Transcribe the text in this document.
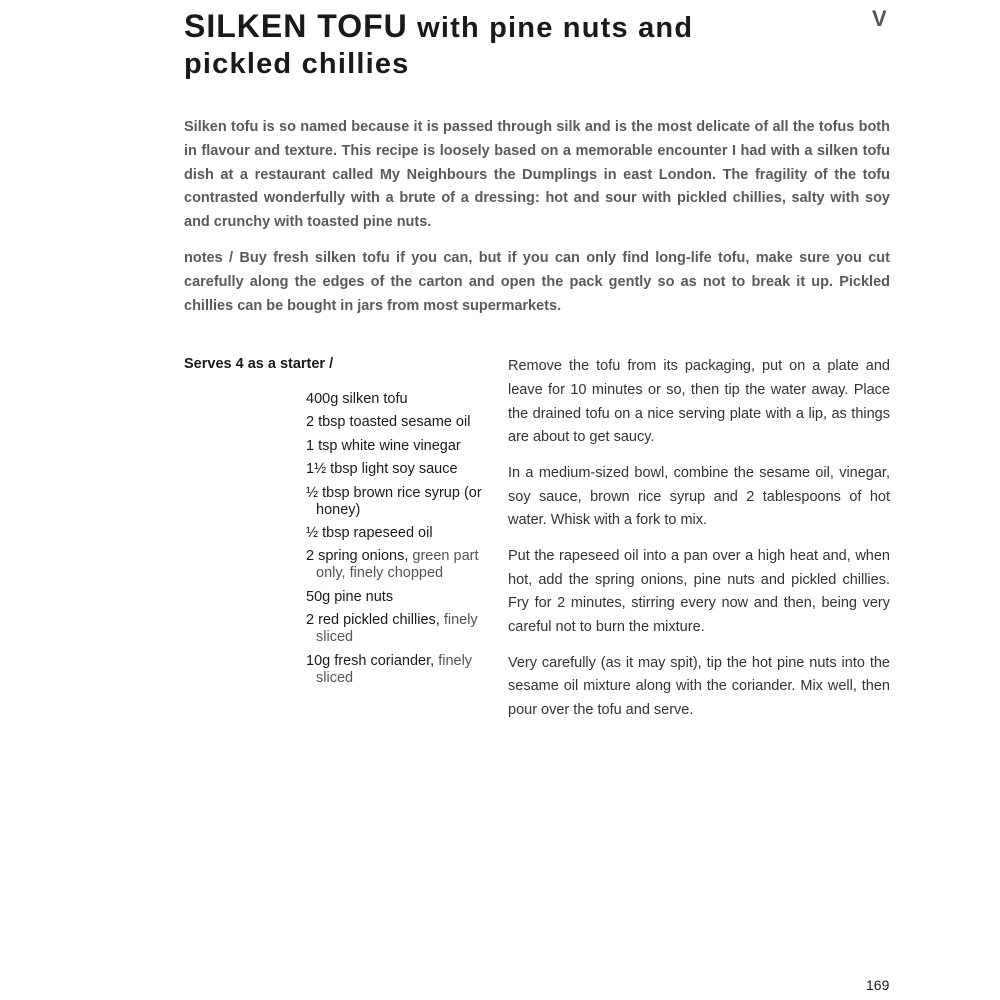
SILKEN TOFU with pine nuts and pickled chillies
V

Silken tofu is so named because it is passed through silk and is the most delicate of all the tofus both in flavour and texture. This recipe is loosely based on a memorable encounter I had with a silken tofu dish at a restaurant called My Neighbours the Dumplings in east London. The fragility of the tofu contrasted wonderfully with a brute of a dressing: hot and sour with pickled chillies, salty with soy and crunchy with toasted pine nuts.

notes / Buy fresh silken tofu if you can, but if you can only find long-life tofu, make sure you cut carefully along the edges of the carton and open the pack gently so as not to break it up. Pickled chillies can be bought in jars from most supermarkets.

Serves 4 as a starter /

400g silken tofu
2 tbsp toasted sesame oil
1 tsp white wine vinegar
1½ tbsp light soy sauce
½ tbsp brown rice syrup (or honey)
½ tbsp rapeseed oil
2 spring onions, green part only, finely chopped
50g pine nuts
2 red pickled chillies, finely sliced
10g fresh coriander, finely sliced

Remove the tofu from its packaging, put on a plate and leave for 10 minutes or so, then tip the water away. Place the drained tofu on a nice serving plate with a lip, as things are about to get saucy.

In a medium-sized bowl, combine the sesame oil, vinegar, soy sauce, brown rice syrup and 2 tablespoons of hot water. Whisk with a fork to mix.

Put the rapeseed oil into a pan over a high heat and, when hot, add the spring onions, pine nuts and pickled chillies. Fry for 2 minutes, stirring every now and then, being very careful not to burn the mixture.

Very carefully (as it may spit), tip the hot pine nuts into the sesame oil mixture along with the coriander. Mix well, then pour over the tofu and serve.

169
